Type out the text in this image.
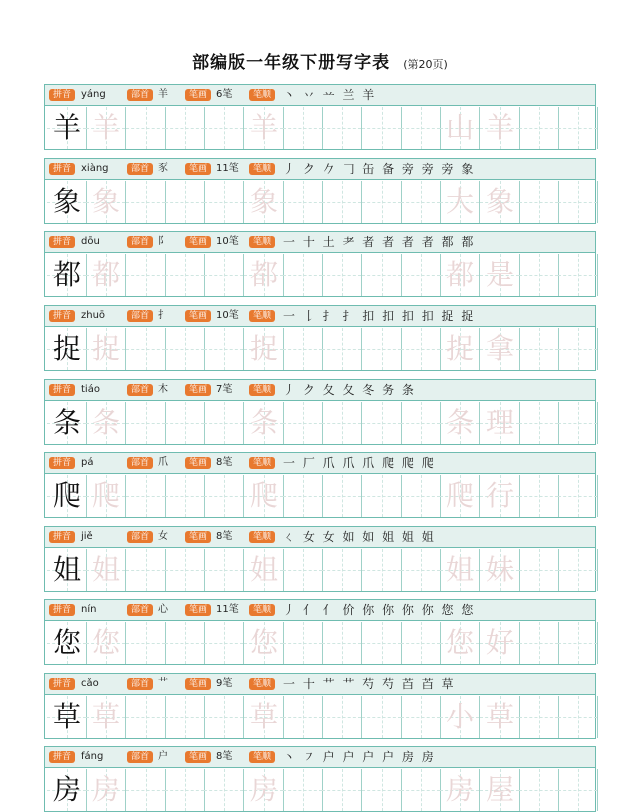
部编版一年级下册写字表 (第20页)
拼音 yáng	部首 羊	笔画 6笔	笔顺 丶 丷 䒑 兰 羊
羊 羊	羊	山 羊
拼音 xiàng	部首 豕	笔画 11笔	笔顺 丿 ク 𠂊 𠃌 缶 备 旁 旁 旁 象
象 象	象	大 象
拼音 dōu	部首 阝	笔画 10笔	笔顺 一 十 土 耂 者 者 者 者 都 都
都 都	都	都 是
拼音 zhuō	部首 扌	笔画 10笔	笔顺 一 𠄌 扌 扌 扣 扣 扣 扣 捉 捉
捉 捉	捉	捉 拿
拼音 tiáo	部首 木	笔画 7笔	笔顺 丿 ク 夂 夂 冬 务 条
条 条	条	条 理
拼音 pá	部首 爪	笔画 8笔	笔顺 一 厂 爪 爪 爪 爬 爬 爬
爬 爬	爬	爬 行
拼音 jiě	部首 女	笔画 8笔	笔顺 ㄑ 女 女 如 如 姐 姐 姐
姐 姐	姐	姐 妹
拼音 nín	部首 心	笔画 11笔	笔顺 丿 亻 亻 价 你 你 你 你 您 您
您 您	您	您 好
拼音 cǎo	部首 艹	笔画 9笔	笔顺 一 十 艹 艹 芍 芍 苩 苩 草
草 草	草	小 草
拼音 fáng	部首 户	笔画 8笔	笔顺 丶 ㇇ 户 户 户 户 房 房
房 房	房	房 屋
